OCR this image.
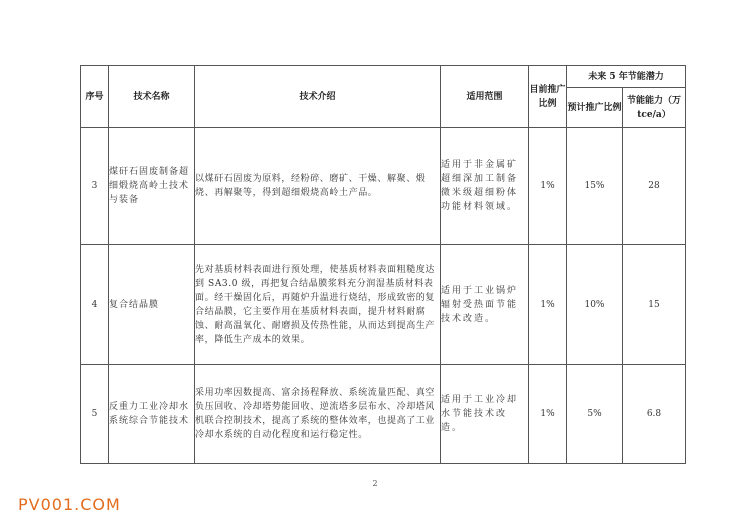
序号	技术名称	技术介绍	适用范围	目前推广比例	未来 5 年节能潜力	
					预计推广比例	节能能力（万 tce/a）
3	煤矸石固废制备超细煅烧高岭土技术与装备	以煤矸石固废为原料，经粉碎、磨矿、干燥、解聚、煅烧、再解聚等，得到超细煅烧高岭土产品。	适用于非金属矿超细深加工制备微米级超细粉体功能材料领域。	1%	15%	28
4	复合结晶膜	先对基质材料表面进行预处理，使基质材料表面粗糙度达到 SA3.0 级，再把复合结晶膜浆料充分润湿基质材料表面。经干燥固化后，再随炉升温进行烧结，形成致密的复合结晶膜，它主要作用在基质材料表面，提升材料耐腐蚀、耐高温氧化、耐磨损及传热性能，从而达到提高生产率，降低生产成本的效果。	适用于工业锅炉辐射受热面节能技术改造。	1%	10%	15
5	反重力工业冷却水系统综合节能技术	采用功率因数提高、富余扬程释放、系统流量匹配、真空负压回收、冷却塔势能回收、逆流塔多层布水、冷却塔风机联合控制技术，提高了系统的整体效率，也提高了工业冷却水系统的自动化程度和运行稳定性。	适用于工业冷却水节能技术改造。	1%	5%	6.8
2
PV001.COM
